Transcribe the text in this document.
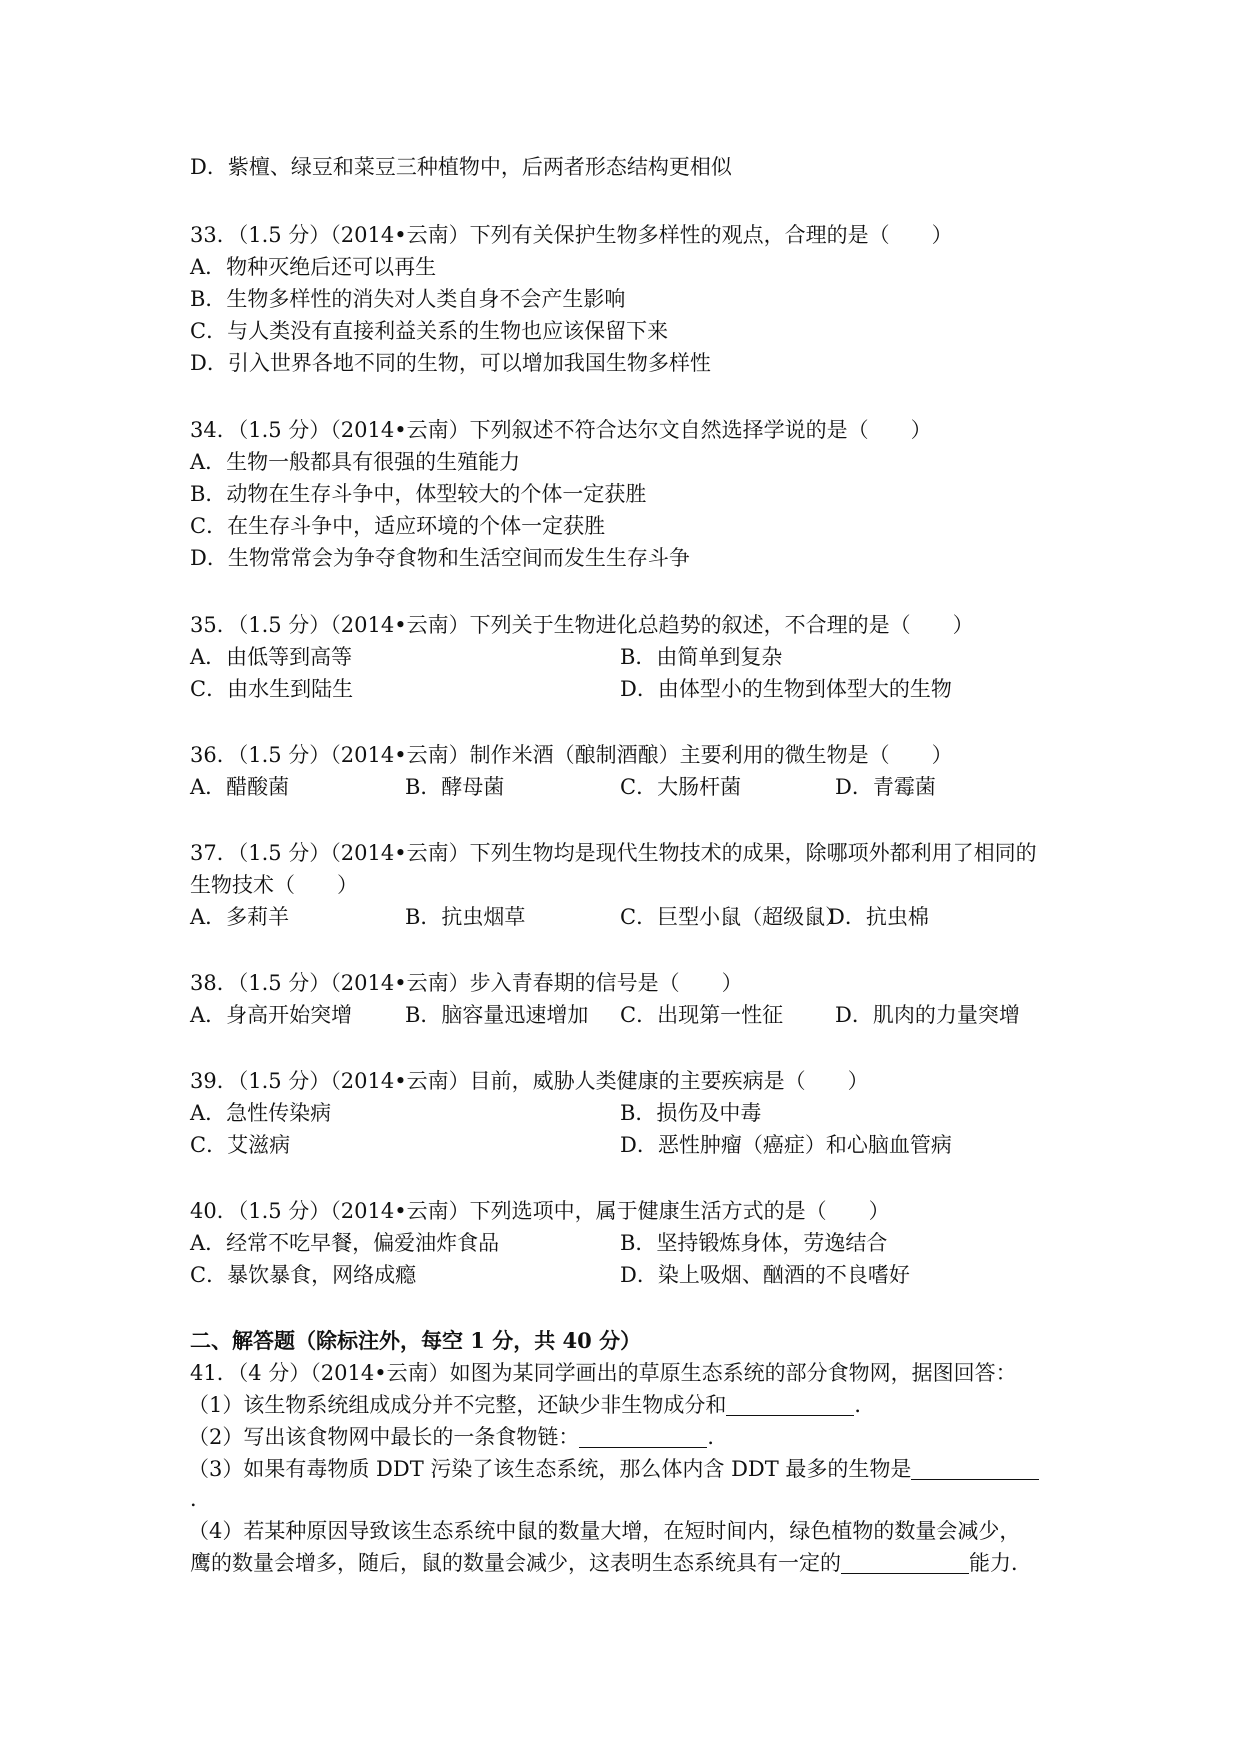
D．紫檀、绿豆和菜豆三种植物中，后两者形态结构更相似
33．（1.5 分）（2014•云南）下列有关保护生物多样性的观点，合理的是（　　）
A．物种灭绝后还可以再生
B．生物多样性的消失对人类自身不会产生影响
C．与人类没有直接利益关系的生物也应该保留下来
D．引入世界各地不同的生物，可以增加我国生物多样性
34．（1.5 分）（2014•云南）下列叙述不符合达尔文自然选择学说的是（　　）
A．生物一般都具有很强的生殖能力
B．动物在生存斗争中，体型较大的个体一定获胜
C．在生存斗争中，适应环境的个体一定获胜
D．生物常常会为争夺食物和生活空间而发生生存斗争
35．（1.5 分）（2014•云南）下列关于生物进化总趋势的叙述，不合理的是（　　）
A．由低等到高等	B．由简单到复杂
C．由水生到陆生	D．由体型小的生物到体型大的生物
36．（1.5 分）（2014•云南）制作米酒（酿制酒酿）主要利用的微生物是（　　）
A．醋酸菌	B．酵母菌	C．大肠杆菌	D．青霉菌
37．（1.5 分）（2014•云南）下列生物均是现代生物技术的成果，除哪项外都利用了相同的
生物技术（　　）
A．多莉羊	B．抗虫烟草	C．巨型小鼠（超级鼠）
D．抗虫棉
38．（1.5 分）（2014•云南）步入青春期的信号是（　　）
A．身高开始突增	B．脑容量迅速增加 C．出现第一性征 D．肌肉的力量突增
39．（1.5 分）（2014•云南）目前，威胁人类健康的主要疾病是（　　）
A．急性传染病	B．损伤及中毒
C．艾滋病	D．恶性肿瘤（癌症）和心脑血管病
40．（1.5 分）（2014•云南）下列选项中，属于健康生活方式的是（　　）
A．经常不吃早餐，偏爱油炸食品	B．坚持锻炼身体，劳逸结合
C．暴饮暴食，网络成瘾	D．染上吸烟、酗酒的不良嗜好
二、解答题（除标注外，每空 1 分，共 40 分）
41．（4 分）（2014•云南）如图为某同学画出的草原生态系统的部分食物网，据图回答：
（1）该生物系统组成成分并不完整，还缺少非生物成分和	．
（2）写出该食物网中最长的一条食物链：	．
（3）如果有毒物质 DDT 污染了该生态系统，那么体内含 DDT 最多的生物是
．
（4）若某种原因导致该生态系统中鼠的数量大增，在短时间内，绿色植物的数量会减少，
鹰的数量会增多，随后，鼠的数量会减少，这表明生态系统具有一定的	能力．
